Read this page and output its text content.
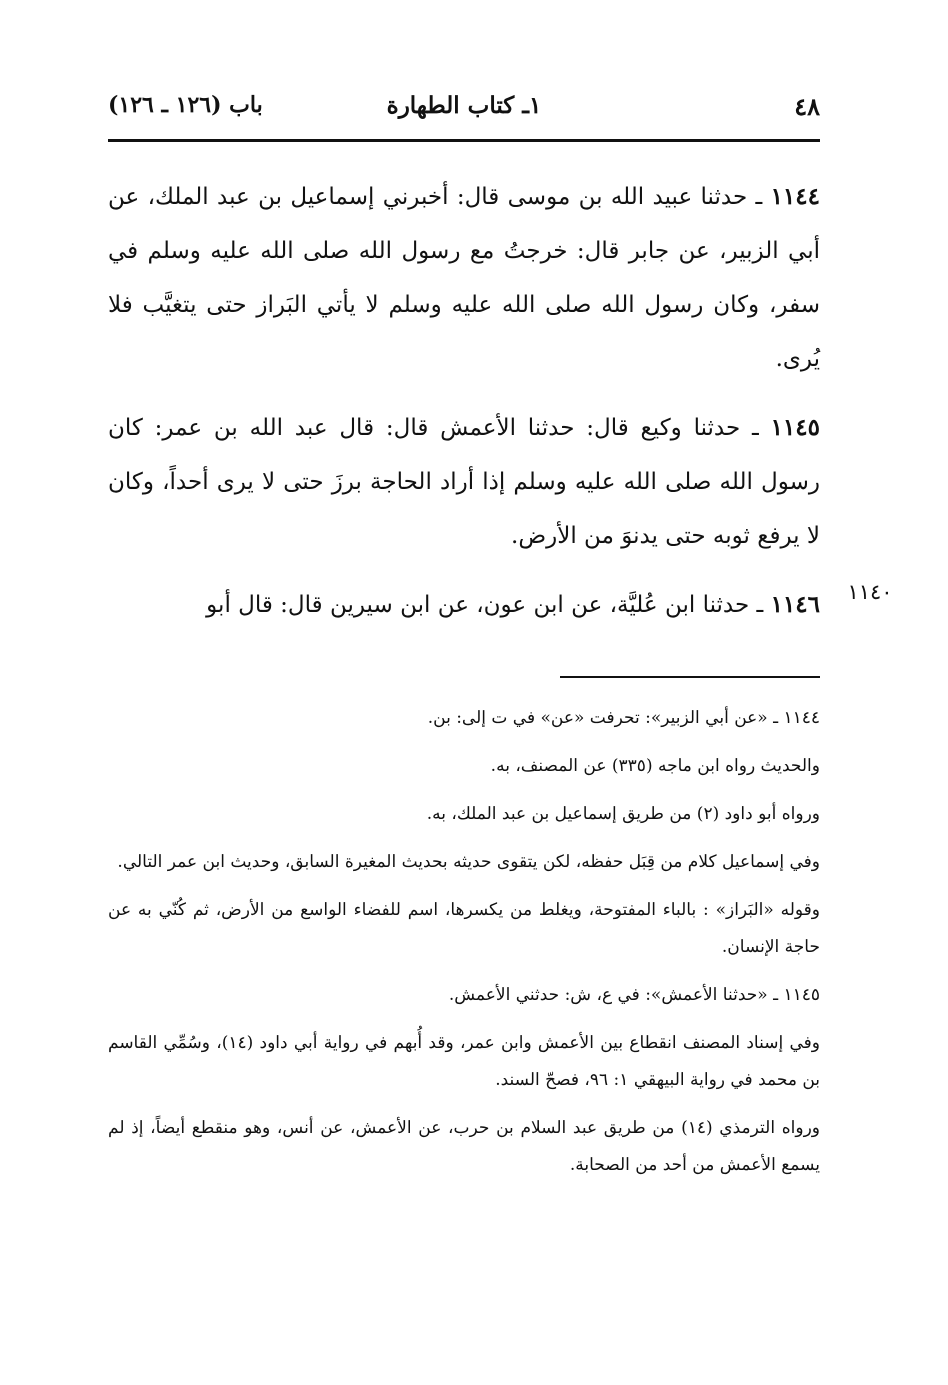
٤٨
١ـ كتاب الطهارة
باب (١٢٦ ـ ١٢٦)

١١٤٤ ـ حدثنا عبيد الله بن موسى قال: أخبرني إسماعيل بن عبد الملك، عن أبي الزبير، عن جابر قال: خرجتُ مع رسول الله صلى الله عليه وسلم في سفر، وكان رسول الله صلى الله عليه وسلم لا يأتي البَراز حتى يتغيَّب فلا يُرى.

١١٤٥ ـ حدثنا وكيع قال: حدثنا الأعمش قال: قال عبد الله بن عمر: كان رسول الله صلى الله عليه وسلم إذا أراد الحاجة برزَ حتى لا يرى أحداً، وكان لا يرفع ثوبه حتى يدنوَ من الأرض.

١١٤٦ ـ حدثنا ابن عُليَّة، عن ابن عون، عن ابن سيرين قال: قال أبو	١١٤٠

١١٤٤ ـ «عن أبي الزبير»: تحرفت «عن» في ت إلى: بن.

والحديث رواه ابن ماجه (٣٣٥) عن المصنف، به.

ورواه أبو داود (٢) من طريق إسماعيل بن عبد الملك، به.

وفي إسماعيل كلام من قِبَل حفظه، لكن يتقوى حديثه بحديث المغيرة السابق، وحديث ابن عمر التالي.

وقوله «البَراز» : بالباء المفتوحة، ويغلط من يكسرها، اسم للفضاء الواسع من الأرض، ثم كُنّي به عن حاجة الإنسان.

١١٤٥ ـ «حدثنا الأعمش»: في ع، ش: حدثني الأعمش.

وفي إسناد المصنف انقطاع بين الأعمش وابن عمر، وقد أُبهم في رواية أبي داود (١٤)، وسُمِّي القاسم بن محمد في رواية البيهقي ١: ٩٦، فصحّ السند.

ورواه الترمذي (١٤) من طريق عبد السلام بن حرب، عن الأعمش، عن أنس، وهو منقطع أيضاً، إذ لم يسمع الأعمش من أحد من الصحابة.
